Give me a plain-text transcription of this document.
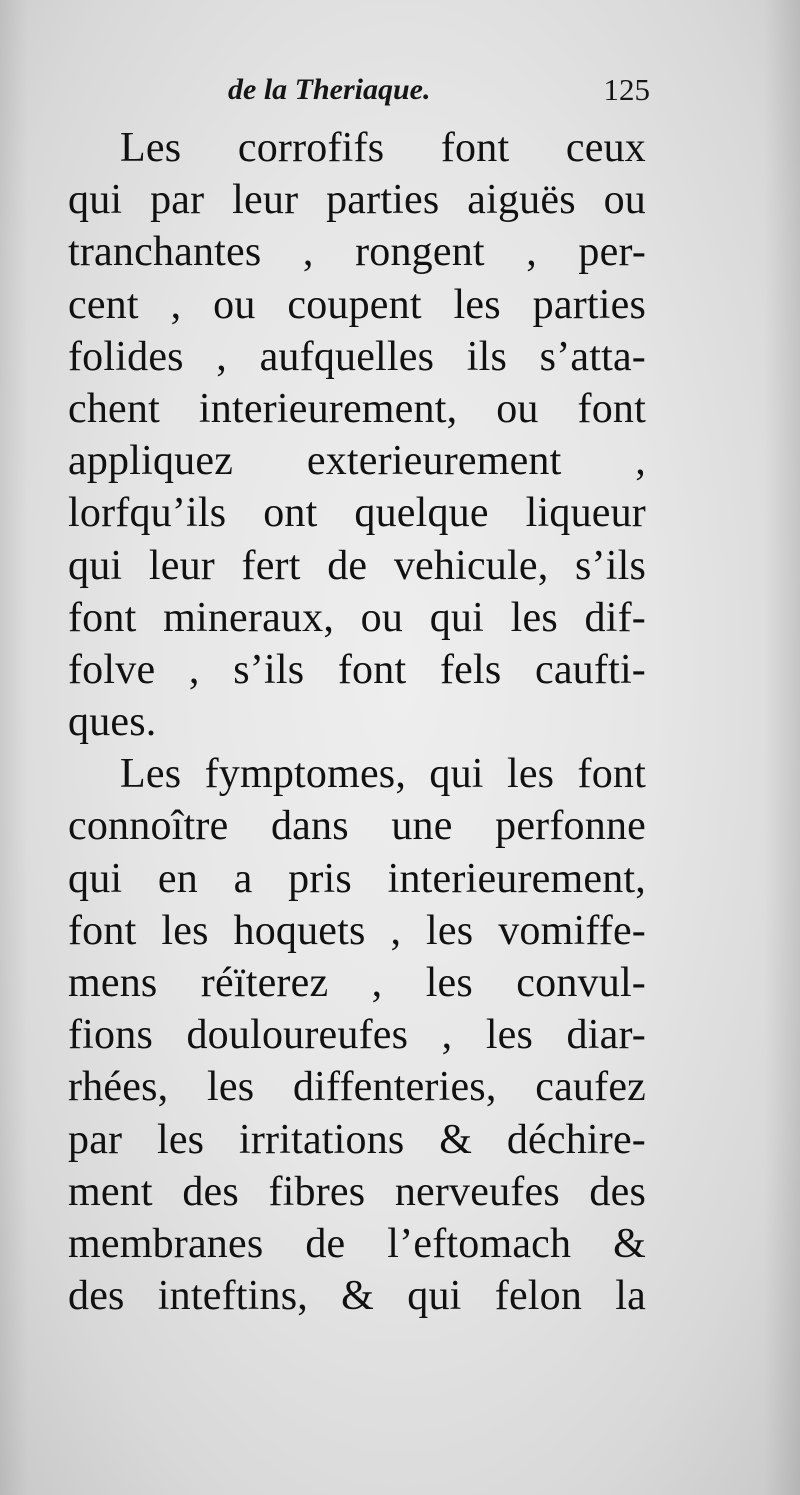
de la Theriaque.	125
Les corrofifs font ceux
qui par leur parties aiguës ou
tranchantes , rongent , per-
cent , ou coupent les parties
folides , aufquelles ils s’atta-
chent interieurement, ou font
appliquez exterieurement ,
lorfqu’ils ont quelque liqueur
qui leur fert de vehicule, s’ils
font mineraux, ou qui les dif-
folve , s’ils font fels caufti-
ques.
Les fymptomes, qui les font
connoître dans une perfonne
qui en a pris interieurement,
font les hoquets , les vomiffe-
mens réïterez , les convul-
fions douloureufes , les diar-
rhées, les diffenteries, caufez
par les irritations & déchire-
ment des fibres nerveufes des
membranes de l’eftomach &
des inteftins, & qui felon la
